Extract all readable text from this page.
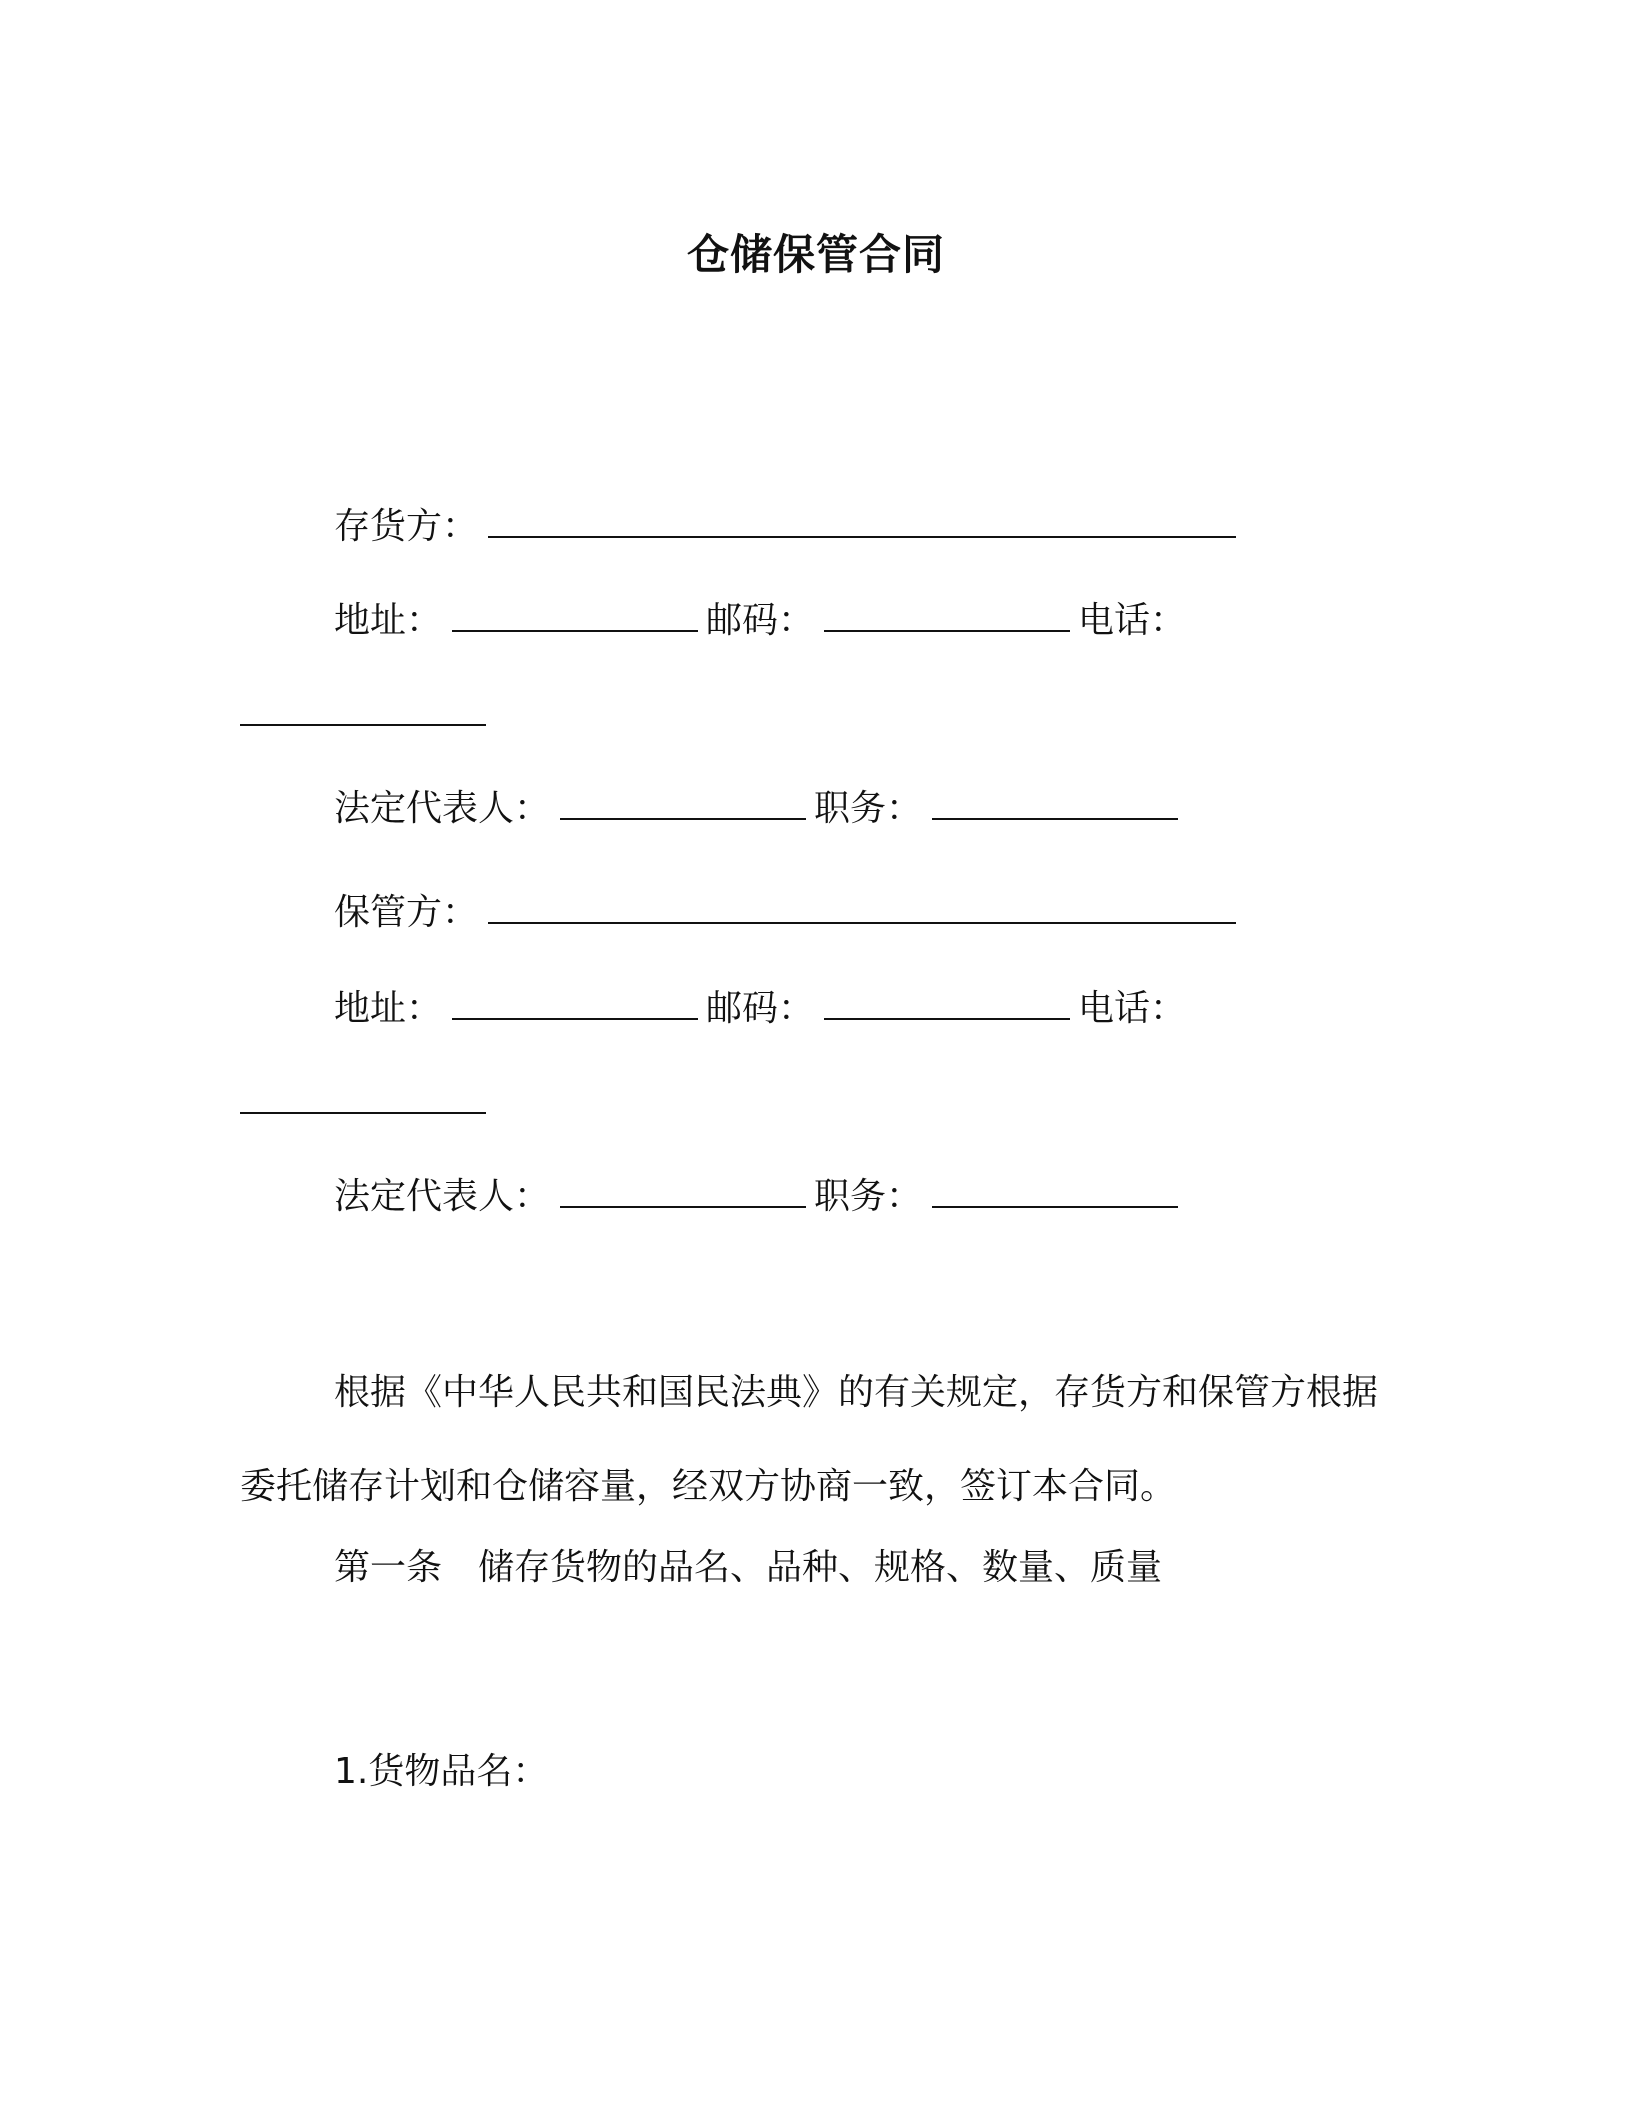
仓储保管合同
存货方：
地址：	邮码：	电话：
法定代表人：	职务：
保管方：
地址：	邮码：	电话：
法定代表人：	职务：
根据《中华人民共和国民法典》的有关规定，存货方和保管方根据委托储存计划和仓储容量，经双方协商一致，签订本合同。
第一条　储存货物的品名、品种、规格、数量、质量
1.货物品名：
